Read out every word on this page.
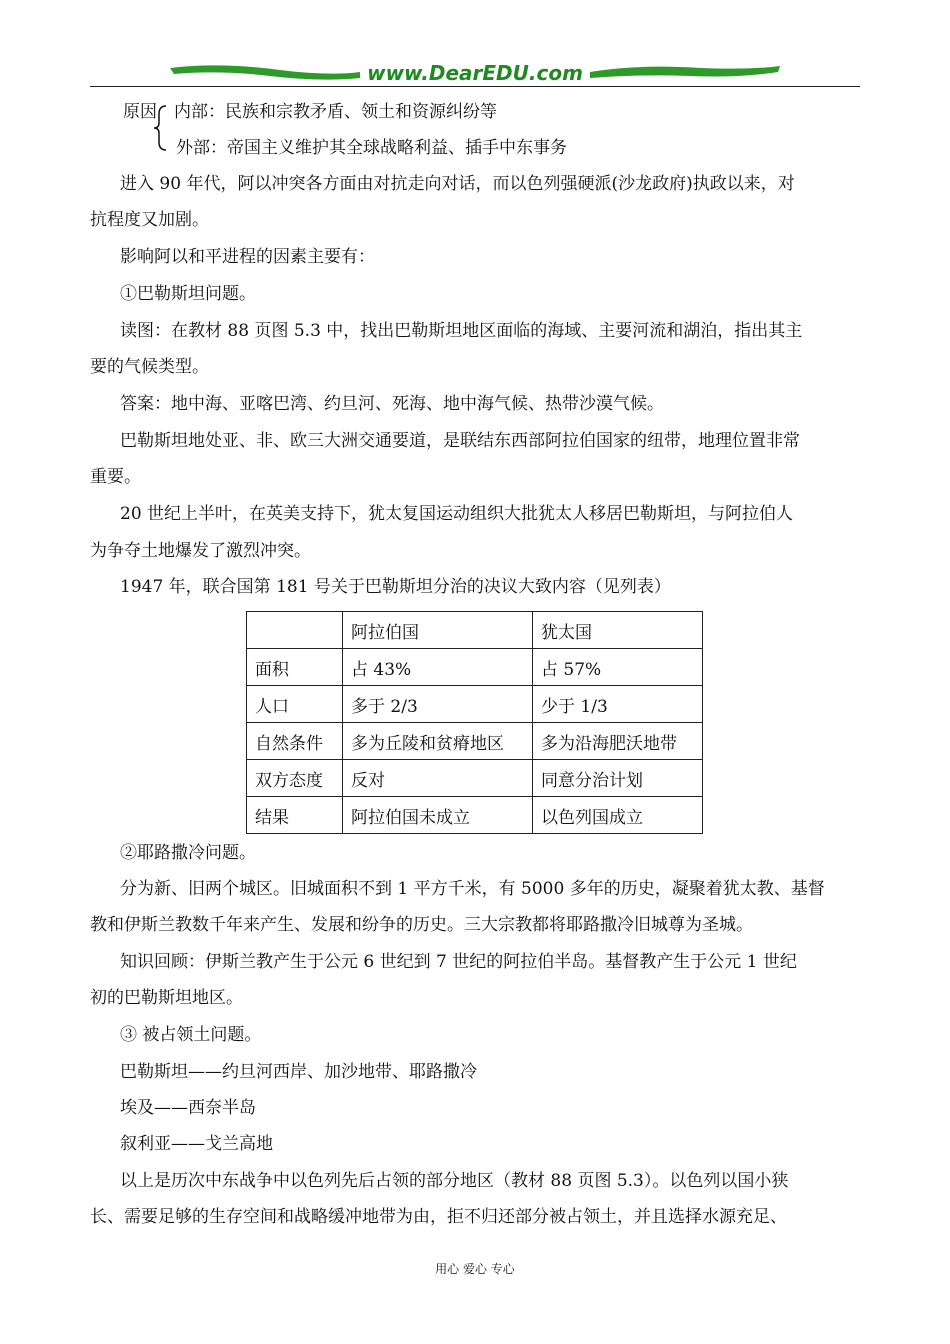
www.DearEDU.com
原因 内部：民族和宗教矛盾、领土和资源纠纷等
外部：帝国主义维护其全球战略利益、插手中东事务
进入 90 年代，阿以冲突各方面由对抗走向对话，而以色列强硬派(沙龙政府)执政以来，对
抗程度又加剧。
影响阿以和平进程的因素主要有：
①巴勒斯坦问题。
读图：在教材 88 页图 5.3 中，找出巴勒斯坦地区面临的海域、主要河流和湖泊，指出其主
要的气候类型。
答案：地中海、亚喀巴湾、约旦河、死海、地中海气候、热带沙漠气候。
巴勒斯坦地处亚、非、欧三大洲交通要道，是联结东西部阿拉伯国家的纽带，地理位置非常
重要。
20 世纪上半叶，在英美支持下，犹太复国运动组织大批犹太人移居巴勒斯坦，与阿拉伯人
为争夺土地爆发了激烈冲突。
1947 年，联合国第 181 号关于巴勒斯坦分治的决议大致内容（见列表）
	阿拉伯国	犹太国
面积	占 43%	占 57%
人口	多于 2/3	少于 1/3
自然条件	多为丘陵和贫瘠地区	多为沿海肥沃地带
双方态度	反对	同意分治计划
结果	阿拉伯国未成立	以色列国成立
②耶路撒冷问题。
分为新、旧两个城区。旧城面积不到 1 平方千米，有 5000 多年的历史，凝聚着犹太教、基督
教和伊斯兰教数千年来产生、发展和纷争的历史。三大宗教都将耶路撒冷旧城尊为圣城。
知识回顾：伊斯兰教产生于公元 6 世纪到 7 世纪的阿拉伯半岛。基督教产生于公元 1 世纪
初的巴勒斯坦地区。
③ 被占领土问题。
巴勒斯坦——约旦河西岸、加沙地带、耶路撒冷
埃及——西奈半岛
叙利亚——戈兰高地
以上是历次中东战争中以色列先后占领的部分地区（教材 88 页图 5.3）。以色列以国小狭
长、需要足够的生存空间和战略缓冲地带为由，拒不归还部分被占领土，并且选择水源充足、
用心 爱心 专心
